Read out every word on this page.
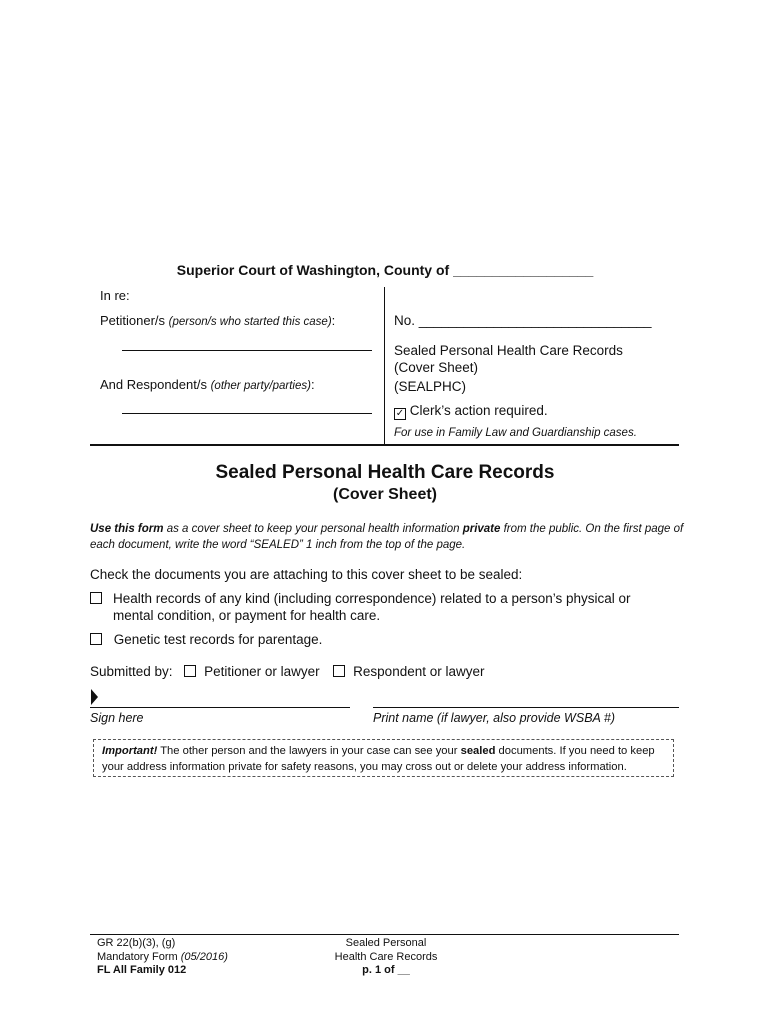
Superior Court of Washington, County of __________________
In re:
Petitioner/s (person/s who started this case):
And Respondent/s (other party/parties):
No. _______________________________
Sealed Personal Health Care Records
(Cover Sheet)
(SEALPHC)
✓ Clerk’s action required.
For use in Family Law and Guardianship cases.
Sealed Personal Health Care Records
(Cover Sheet)
Use this form as a cover sheet to keep your personal health information private from the public. On the first page of each document, write the word “SEALED” 1 inch from the top of the page.
Check the documents you are attaching to this cover sheet to be sealed:
Health records of any kind (including correspondence) related to a person’s physical or
mental condition, or payment for health care.
Genetic test records for parentage.
Submitted by: Petitioner or lawyer Respondent or lawyer
Sign here	Print name (if lawyer, also provide WSBA #)
Important! The other person and the lawyers in your case can see your sealed documents. If you need to keep your address information private for safety reasons, you may cross out or delete your address information.
GR 22(b)(3), (g)
Mandatory Form (05/2016)
FL All Family 012
Sealed Personal
Health Care Records
p. 1 of __
